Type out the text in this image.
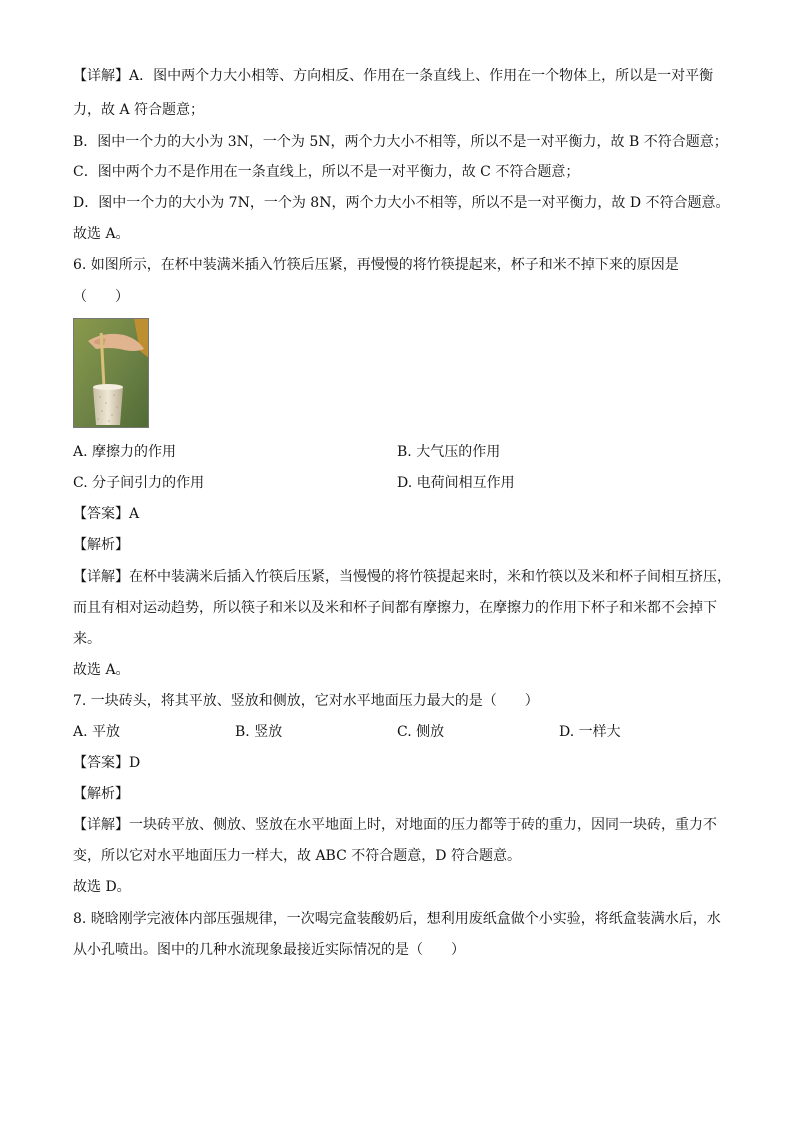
【详解】A．图中两个力大小相等、方向相反、作用在一条直线上、作用在一个物体上，所以是一对平衡
力，故 A 符合题意；
B．图中一个力的大小为 3N，一个为 5N，两个力大小不相等，所以不是一对平衡力，故 B 不符合题意；
C．图中两个力不是作用在一条直线上，所以不是一对平衡力，故 C 不符合题意；
D．图中一个力的大小为 7N，一个为 8N，两个力大小不相等，所以不是一对平衡力，故 D 不符合题意。
故选 A。
6. 如图所示，在杯中装满米插入竹筷后压紧，再慢慢的将竹筷提起来，杯子和米不掉下来的原因是
（　　）
A. 摩擦力的作用	B. 大气压的作用
C. 分子间引力的作用	D. 电荷间相互作用
【答案】A
【解析】
【详解】在杯中装满米后插入竹筷后压紧，当慢慢的将竹筷提起来时，米和竹筷以及米和杯子间相互挤压，
而且有相对运动趋势，所以筷子和米以及米和杯子间都有摩擦力，在摩擦力的作用下杯子和米都不会掉下
来。
故选 A。
7. 一块砖头，将其平放、竖放和侧放，它对水平地面压力最大的是（　　）
A. 平放	B. 竖放	C. 侧放	D. 一样大
【答案】D
【解析】
【详解】一块砖平放、侧放、竖放在水平地面上时，对地面的压力都等于砖的重力，因同一块砖，重力不
变，所以它对水平地面压力一样大，故 ABC 不符合题意，D 符合题意。
故选 D。
8. 晓晗刚学完液体内部压强规律，一次喝完盒装酸奶后，想利用废纸盒做个小实验，将纸盒装满水后，水
从小孔喷出。图中的几种水流现象最接近实际情况的是（　　）
